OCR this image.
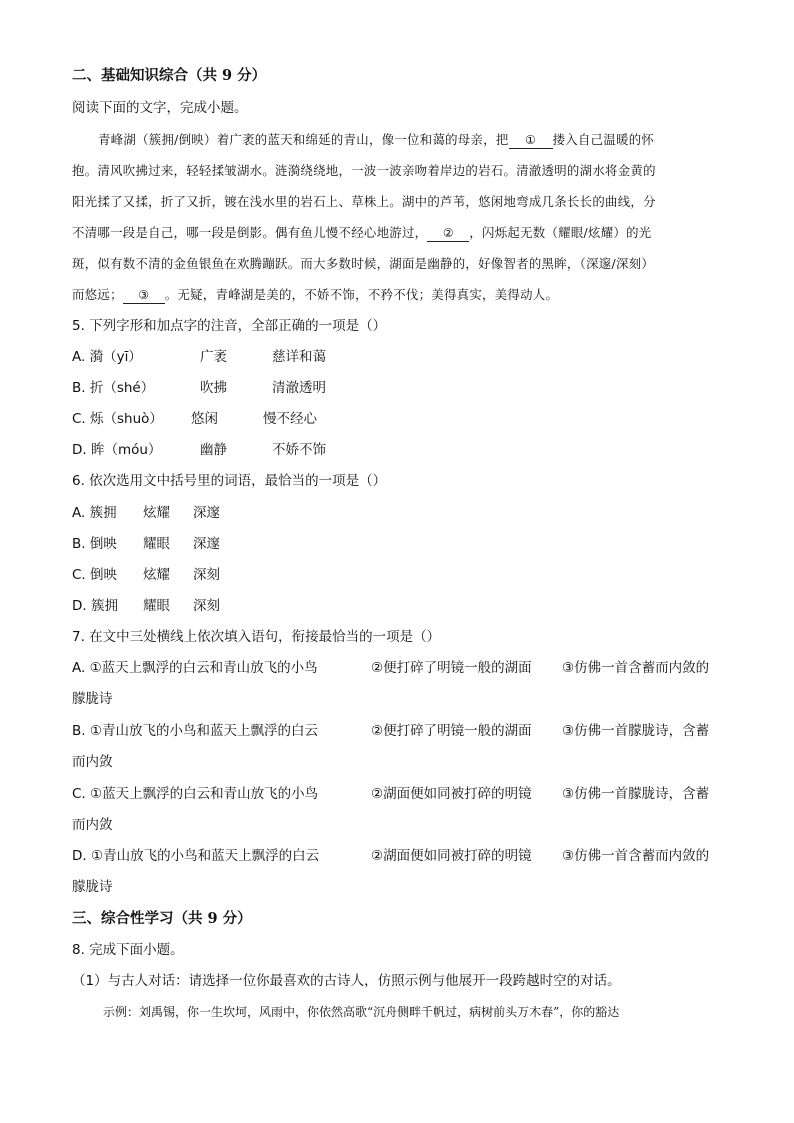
二、基础知识综合（共 9 分）
阅读下面的文字，完成小题。
青峰湖（簇拥/倒映）着广袤的蓝天和绵延的青山，像一位和蔼的母亲，把 ① 搂入自己温暖的怀
抱。清风吹拂过来，轻轻揉皱湖水。涟漪绕绕地，一波一波亲吻着岸边的岩石。清澈透明的湖水将金黄的
阳光揉了又揉，折了又折，镀在浅水里的岩石上、草株上。湖中的芦苇，悠闲地弯成几条长长的曲线，分
不清哪一段是自己，哪一段是倒影。偶有鱼儿慢不经心地游过， ② ，闪烁起无数（耀眼/炫耀）的光
斑，似有数不清的金鱼银鱼在欢腾蹦跃。而大多数时候，湖面是幽静的，好像智者的黑眸，（深邃/深刻）
而悠远； ③ 。无疑，青峰湖是美的，不娇不饰，不矜不伐；美得真实，美得动人。
5. 下列字形和加点字的注音，全部正确的一项是（）
A. 漪（yī）	广袤	慈详和蔼
B. 折（shé）	吹拂	清澈透明
C. 烁（shuò） 悠闲	慢不经心
D. 眸（móu）	幽静	不娇不饰
6. 依次选用文中括号里的词语，最恰当的一项是（）
A. 簇拥 炫耀 深邃
B. 倒映 耀眼 深邃
C. 倒映 炫耀 深刻
D. 簇拥 耀眼 深刻
7. 在文中三处横线上依次填入语句，衔接最恰当的一项是（）
A. ①蓝天上飘浮的白云和青山放飞的小鸟	②便打碎了明镜一般的湖面 ③仿佛一首含蓄而内敛的
朦胧诗
B. ①青山放飞的小鸟和蓝天上飘浮的白云	②便打碎了明镜一般的湖面 ③仿佛一首朦胧诗，含蓄
而内敛
C. ①蓝天上飘浮的白云和青山放飞的小鸟	②湖面便如同被打碎的明镜 ③仿佛一首朦胧诗，含蓄
而内敛
D. ①青山放飞的小鸟和蓝天上飘浮的白云	②湖面便如同被打碎的明镜 ③仿佛一首含蓄而内敛的
朦胧诗
三、综合性学习（共 9 分）
8. 完成下面小题。
（1）与古人对话：请选择一位你最喜欢的古诗人，仿照示例与他展开一段跨越时空的对话。
示例：刘禹锡，你一生坎坷，风雨中，你依然高歌“沉舟侧畔千帆过，病树前头万木春”，你的豁达
